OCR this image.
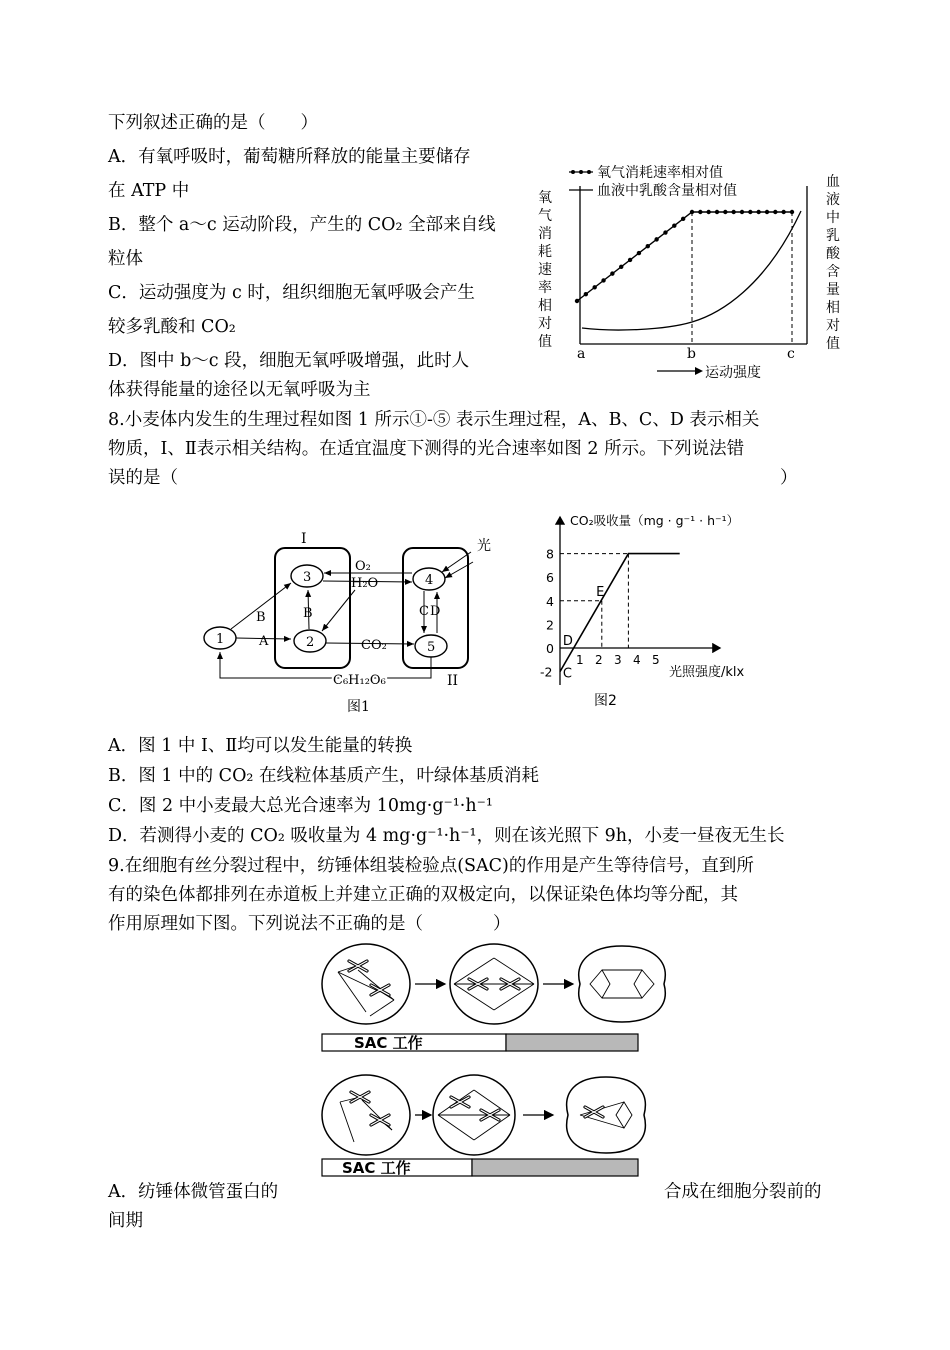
下列叙述正确的是（　　）
A．有氧呼吸时，葡萄糖所释放的能量主要储存
在 ATP 中
B．整个 a～c 运动阶段，产生的 CO₂ 全部来自线
粒体
C．运动强度为 c 时，组织细胞无氧呼吸会产生
较多乳酸和 CO₂
D．图中 b～c 段，细胞无氧呼吸增强，此时人
体获得能量的途径以无氧呼吸为主
氧气消耗速率相对值
血液中乳酸含量相对值
氧气消耗速率相对值
血液中乳酸含量相对值
a	b	c
运动强度
8.小麦体内发生的生理过程如图 1 所示①-⑤ 表示生理过程，A、B、C、D 表示相关
物质，I、Ⅱ表示相关结构。在适宜温度下测得的光合速率如图 2 所示。下列说法错
误的是（	）
I
II
1
3
2
4
5
A
B	B
O₂
H₂O
CO₂
C D
光
C₆H₁₂O₆
图1
CO₂吸收量（mg · g⁻¹ · h⁻¹）
8
6
4
2
0
-2
1 2 3 4 5
光照强度/klx
E
D
C
图2
A．图 1 中 I、Ⅱ均可以发生能量的转换
B．图 1 中的 CO₂ 在线粒体基质产生，叶绿体基质消耗
C．图 2 中小麦最大总光合速率为 10mg·g⁻¹·h⁻¹
D．若测得小麦的 CO₂ 吸收量为 4 mg·g⁻¹·h⁻¹，则在该光照下 9h，小麦一昼夜无生长
9.在细胞有丝分裂过程中，纺锤体组装检验点(SAC)的作用是产生等待信号，直到所
有的染色体都排列在赤道板上并建立正确的双极定向，以保证染色体均等分配，其
作用原理如下图。下列说法不正确的是（　　　　）
SAC 工作
SAC 工作
A．纺锤体微管蛋白的	合成在细胞分裂前的
间期
